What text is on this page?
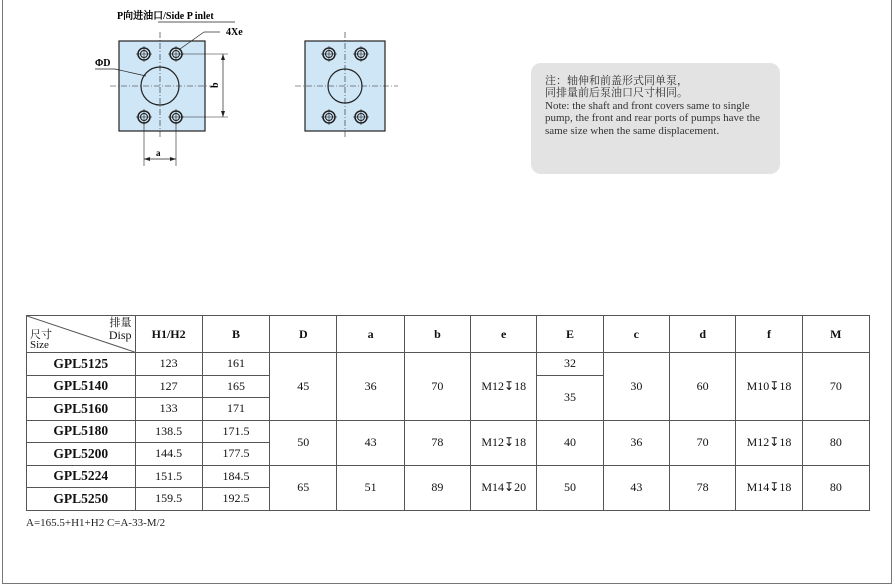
P向进油口/Side P inlet
4Xe
ΦD
b
a
注：轴伸和前盖形式同单泵，
同排量前后泵油口尺寸相同。
Note: the shaft and front covers same to single pump, the front and rear ports of pumps have the same size when the same displacement.
排量
Disp
尺寸
Size	H1/H2	B	D	a	b	e	E	c	d	f	M
GPL5125	123	161	45	36	70	M12↧18	32	30	60	M10↧18	70
GPL5140	127	165					35				
GPL5160	133	171									
GPL5180	138.5	171.5	50	43	78	M12↧18	40	36	70	M12↧18	80
GPL5200	144.5	177.5									
GPL5224	151.5	184.5	65	51	89	M14↧20	50	43	78	M14↧18	80
GPL5250	159.5	192.5									
A=165.5+H1+H2 C=A-33-M/2
